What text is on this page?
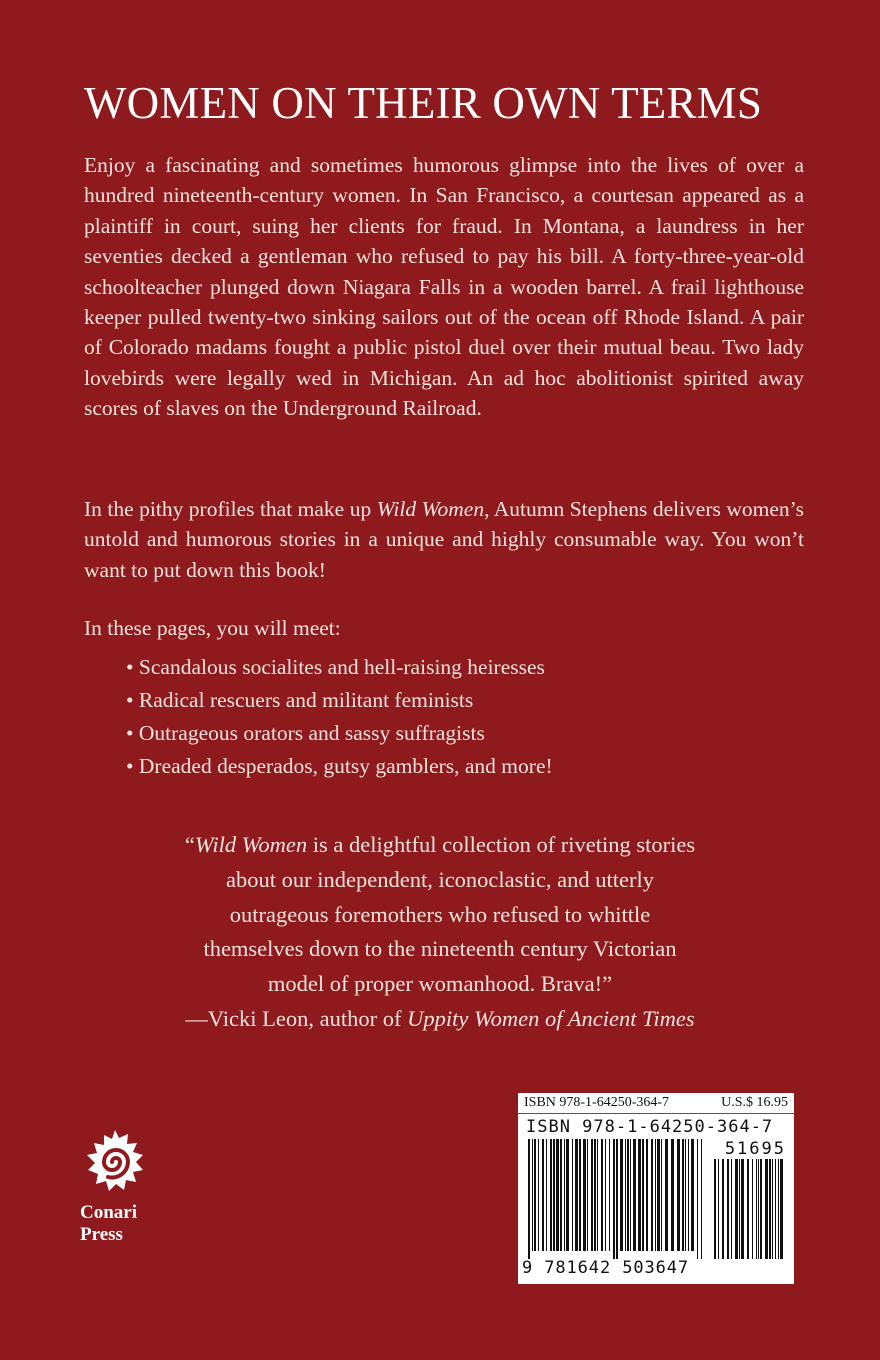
WOMEN ON THEIR OWN TERMS

Enjoy a fascinating and sometimes humorous glimpse into the lives of over a hundred nineteenth-century women. In San Francisco, a courtesan appeared as a plaintiff in court, suing her clients for fraud. In Montana, a laundress in her seventies decked a gentleman who refused to pay his bill. A forty-three-year-old schoolteacher plunged down Niagara Falls in a wooden barrel. A frail lighthouse keeper pulled twenty-two sinking sailors out of the ocean off Rhode Island. A pair of Colorado madams fought a public pistol duel over their mutual beau. Two lady lovebirds were legally wed in Michigan. An ad hoc abolitionist spirited away scores of slaves on the Underground Railroad.

In the pithy profiles that make up Wild Women, Autumn Stephens delivers women’s untold and humorous stories in a unique and highly consumable way. You won’t want to put down this book!

In these pages, you will meet:

• Scandalous socialites and hell-raising heiresses
• Radical rescuers and militant feminists
• Outrageous orators and sassy suffragists
• Dreaded desperados, gutsy gamblers, and more!
“Wild Women is a delightful collection of riveting stories
about our independent, iconoclastic, and utterly
outrageous foremothers who refused to whittle
themselves down to the nineteenth century Victorian
model of proper womanhood. Brava!”
—Vicki Leon, author of Uppity Women of Ancient Times
Conari
Press
ISBN 978-1-64250-364-7	U.S.$ 16.95
ISBN 978-1-64250-364-7
51695
9 781642 503647
